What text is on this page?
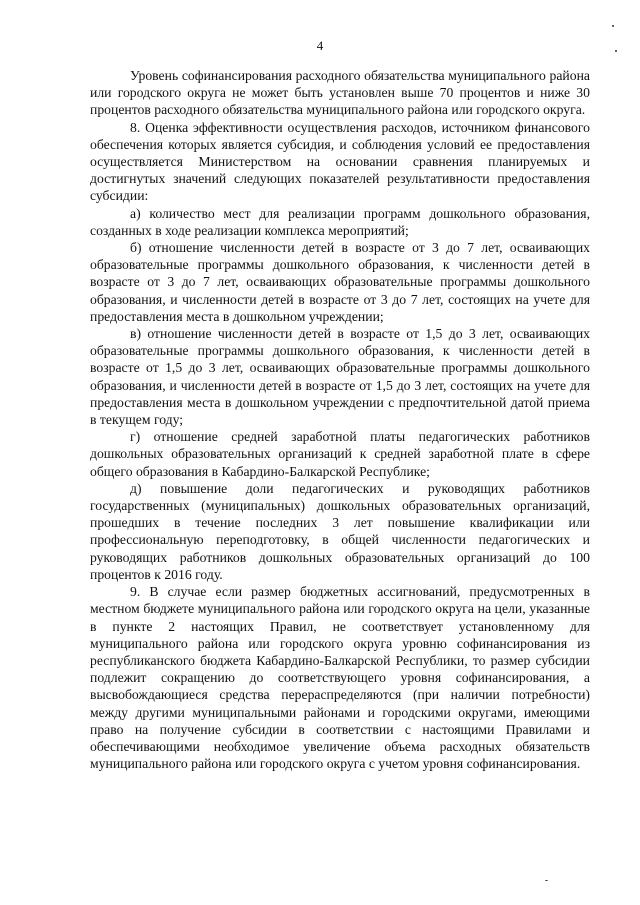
4

Уровень софинансирования расходного обязательства муниципального района или городского округа не может быть установлен выше 70 процентов и ниже 30 процентов расходного обязательства муниципального района или городского округа.

8. Оценка эффективности осуществления расходов, источником финансового обеспечения которых является субсидия, и соблюдения условий ее предоставления осуществляется Министерством на основании сравнения планируемых и достигнутых значений следующих показателей результативности предоставления субсидии:

а) количество мест для реализации программ дошкольного образования, созданных в ходе реализации комплекса мероприятий;

б) отношение численности детей в возрасте от 3 до 7 лет, осваивающих образовательные программы дошкольного образования, к численности детей в возрасте от 3 до 7 лет, осваивающих образовательные программы дошкольного образования, и численности детей в возрасте от 3 до 7 лет, состоящих на учете для предоставления места в дошкольном учреждении;

в) отношение численности детей в возрасте от 1,5 до 3 лет, осваивающих образовательные программы дошкольного образования, к численности детей в возрасте от 1,5 до 3 лет, осваивающих образовательные программы дошкольного образования, и численности детей в возрасте от 1,5 до 3 лет, состоящих на учете для предоставления места в дошкольном учреждении с предпочтительной датой приема в текущем году;

г) отношение средней заработной платы педагогических работников дошкольных образовательных организаций к средней заработной плате в сфере общего образования в Кабардино-Балкарской Республике;

д) повышение доли педагогических и руководящих работников государственных (муниципальных) дошкольных образовательных организаций, прошедших в течение последних 3 лет повышение квалификации или профессиональную переподготовку, в общей численности педагогических и руководящих работников дошкольных образовательных организаций до 100 процентов к 2016 году.

9. В случае если размер бюджетных ассигнований, предусмотренных в местном бюджете муниципального района или городского округа на цели, указанные в пункте 2 настоящих Правил, не соответствует установленному для муниципального района или городского округа уровню софинансирования из республиканского бюджета Кабардино-Балкарской Республики, то размер субсидии подлежит сокращению до соответствующего уровня софинансирования, а высвобождающиеся средства перераспределяются (при наличии потребности) между другими муниципальными районами и городскими округами, имеющими право на получение субсидии в соответствии с настоящими Правилами и обеспечивающими необходимое увеличение объема расходных обязательств муниципального района или городского округа с учетом уровня софинансирования.
